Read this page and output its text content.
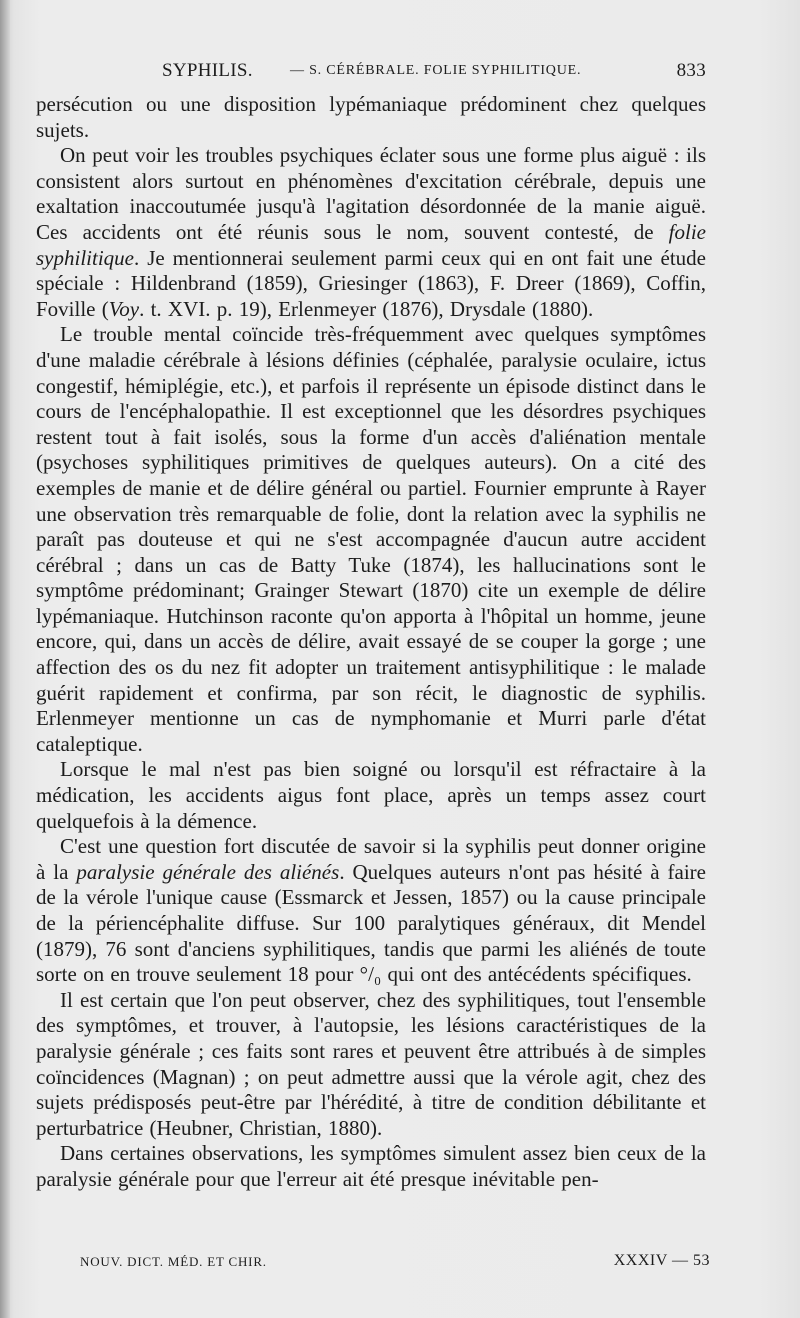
SYPHILIS.	— S. CÉRÉBRALE. FOLIE SYPHILITIQUE.	833

persécution ou une disposition lypémaniaque prédominent chez quelques sujets.

On peut voir les troubles psychiques éclater sous une forme plus aiguë : ils consistent alors surtout en phénomènes d'excitation cérébrale, depuis une exaltation inaccoutumée jusqu'à l'agitation désordonnée de la manie aiguë. Ces accidents ont été réunis sous le nom, souvent contesté, de folie syphilitique. Je mentionnerai seulement parmi ceux qui en ont fait une étude spéciale : Hildenbrand (1859), Griesinger (1863), F. Dreer (1869), Coffin, Foville (Voy. t. XVI. p. 19), Erlenmeyer (1876), Drysdale (1880).

Le trouble mental coïncide très-fréquemment avec quelques symptômes d'une maladie cérébrale à lésions définies (céphalée, paralysie oculaire, ictus congestif, hémiplégie, etc.), et parfois il représente un épisode distinct dans le cours de l'encéphalopathie. Il est exceptionnel que les désordres psychiques restent tout à fait isolés, sous la forme d'un accès d'aliénation mentale (psychoses syphilitiques primitives de quelques auteurs). On a cité des exemples de manie et de délire général ou partiel. Fournier emprunte à Rayer une observation très remarquable de folie, dont la relation avec la syphilis ne paraît pas douteuse et qui ne s'est accompagnée d'aucun autre accident cérébral ; dans un cas de Batty Tuke (1874), les hallucinations sont le symptôme prédominant; Grainger Stewart (1870) cite un exemple de délire lypémaniaque. Hutchinson raconte qu'on apporta à l'hôpital un homme, jeune encore, qui, dans un accès de délire, avait essayé de se couper la gorge ; une affection des os du nez fit adopter un traitement antisyphilitique : le malade guérit rapidement et confirma, par son récit, le diagnostic de syphilis. Erlenmeyer mentionne un cas de nymphomanie et Murri parle d'état cataleptique.

Lorsque le mal n'est pas bien soigné ou lorsqu'il est réfractaire à la médication, les accidents aigus font place, après un temps assez court quelquefois à la démence.

C'est une question fort discutée de savoir si la syphilis peut donner origine à la paralysie générale des aliénés. Quelques auteurs n'ont pas hésité à faire de la vérole l'unique cause (Essmarck et Jessen, 1857) ou la cause principale de la périencéphalite diffuse. Sur 100 paralytiques généraux, dit Mendel (1879), 76 sont d'anciens syphilitiques, tandis que parmi les aliénés de toute sorte on en trouve seulement 18 pour °/₀ qui ont des antécédents spécifiques.

Il est certain que l'on peut observer, chez des syphilitiques, tout l'ensemble des symptômes, et trouver, à l'autopsie, les lésions caractéristiques de la paralysie générale ; ces faits sont rares et peuvent être attribués à de simples coïncidences (Magnan) ; on peut admettre aussi que la vérole agit, chez des sujets prédisposés peut-être par l'hérédité, à titre de condition débilitante et perturbatrice (Heubner, Christian, 1880).

Dans certaines observations, les symptômes simulent assez bien ceux de la paralysie générale pour que l'erreur ait été presque inévitable pen-

NOUV. DICT. MÉD. ET CHIR.	XXXIV — 53
